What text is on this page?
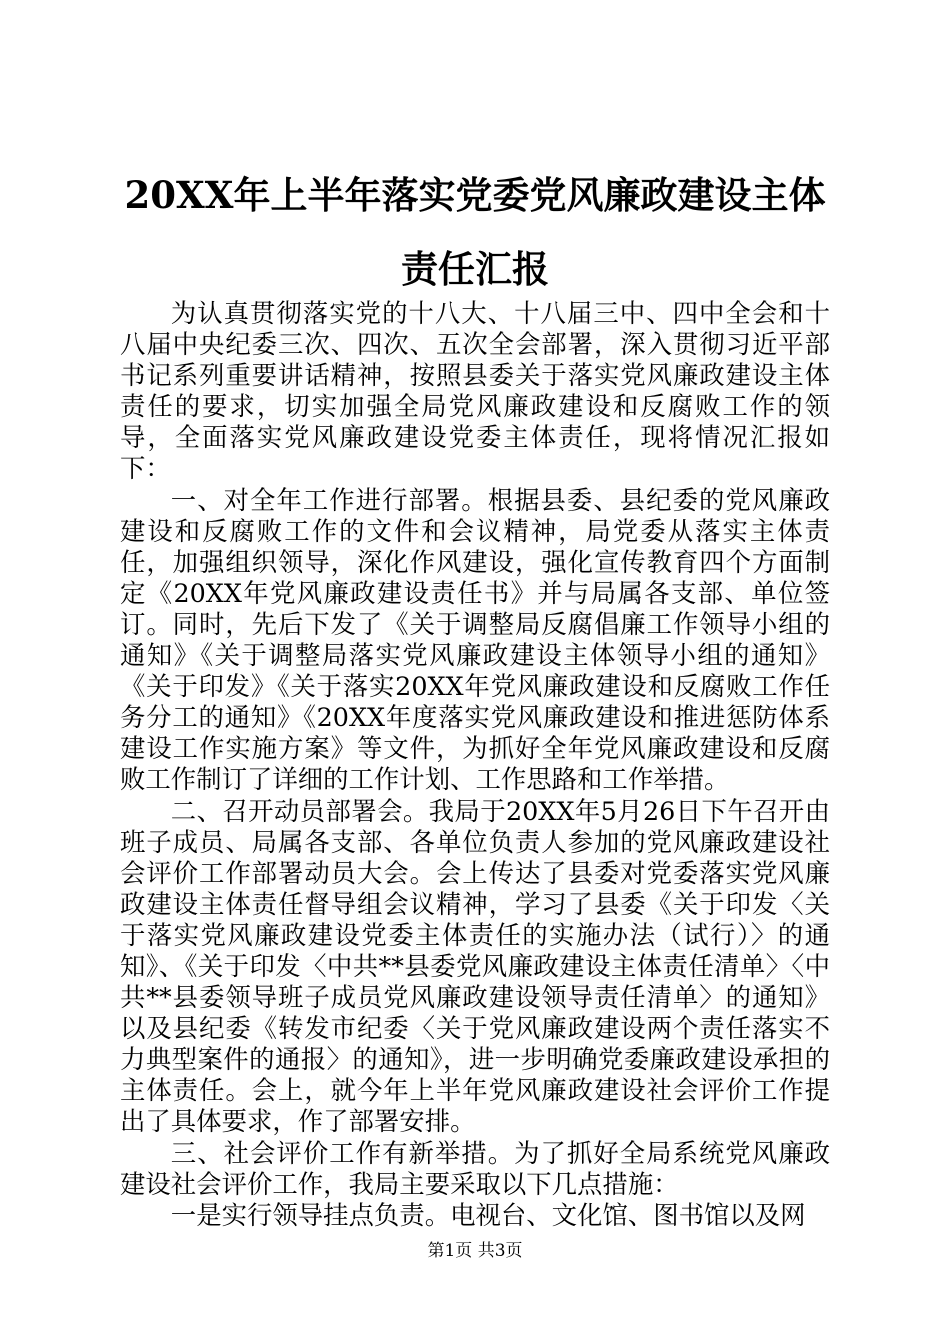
20XX年上半年落实党委党风廉政建设主体责任汇报

为认真贯彻落实党的十八大、十八届三中、四中全会和十八届中央纪委三次、四次、五次全会部署，深入贯彻习近平部书记系列重要讲话精神，按照县委关于落实党风廉政建设主体责任的要求，切实加强全局党风廉政建设和反腐败工作的领导，全面落实党风廉政建设党委主体责任，现将情况汇报如下：

一、对全年工作进行部署。根据县委、县纪委的党风廉政建设和反腐败工作的文件和会议精神，局党委从落实主体责任，加强组织领导，深化作风建设，强化宣传教育四个方面制定《20XX年党风廉政建设责任书》并与局属各支部、单位签订。同时，先后下发了《关于调整局反腐倡廉工作领导小组的通知》《关于调整局落实党风廉政建设主体领导小组的通知》《关于印发》《关于落实20XX年党风廉政建设和反腐败工作任务分工的通知》《20XX年度落实党风廉政建设和推进惩防体系建设工作实施方案》等文件，为抓好全年党风廉政建设和反腐败工作制订了详细的工作计划、工作思路和工作举措。

二、召开动员部署会。我局于20XX年5月26日下午召开由班子成员、局属各支部、各单位负责人参加的党风廉政建设社会评价工作部署动员大会。会上传达了县委对党委落实党风廉政建设主体责任督导组会议精神，学习了县委《关于印发〈关于落实党风廉政建设党委主体责任的实施办法（试行）〉的通知》、《关于印发〈中共**县委党风廉政建设主体责任清单〉〈中共**县委领导班子成员党风廉政建设领导责任清单〉的通知》以及县纪委《转发市纪委〈关于党风廉政建设两个责任落实不力典型案件的通报〉的通知》，进一步明确党委廉政建设承担的主体责任。会上，就今年上半年党风廉政建设社会评价工作提出了具体要求，作了部署安排。

三、社会评价工作有新举措。为了抓好全局系统党风廉政建设社会评价工作，我局主要采取以下几点措施：

一是实行领导挂点负责。电视台、文化馆、图书馆以及网

第1页 共3页
